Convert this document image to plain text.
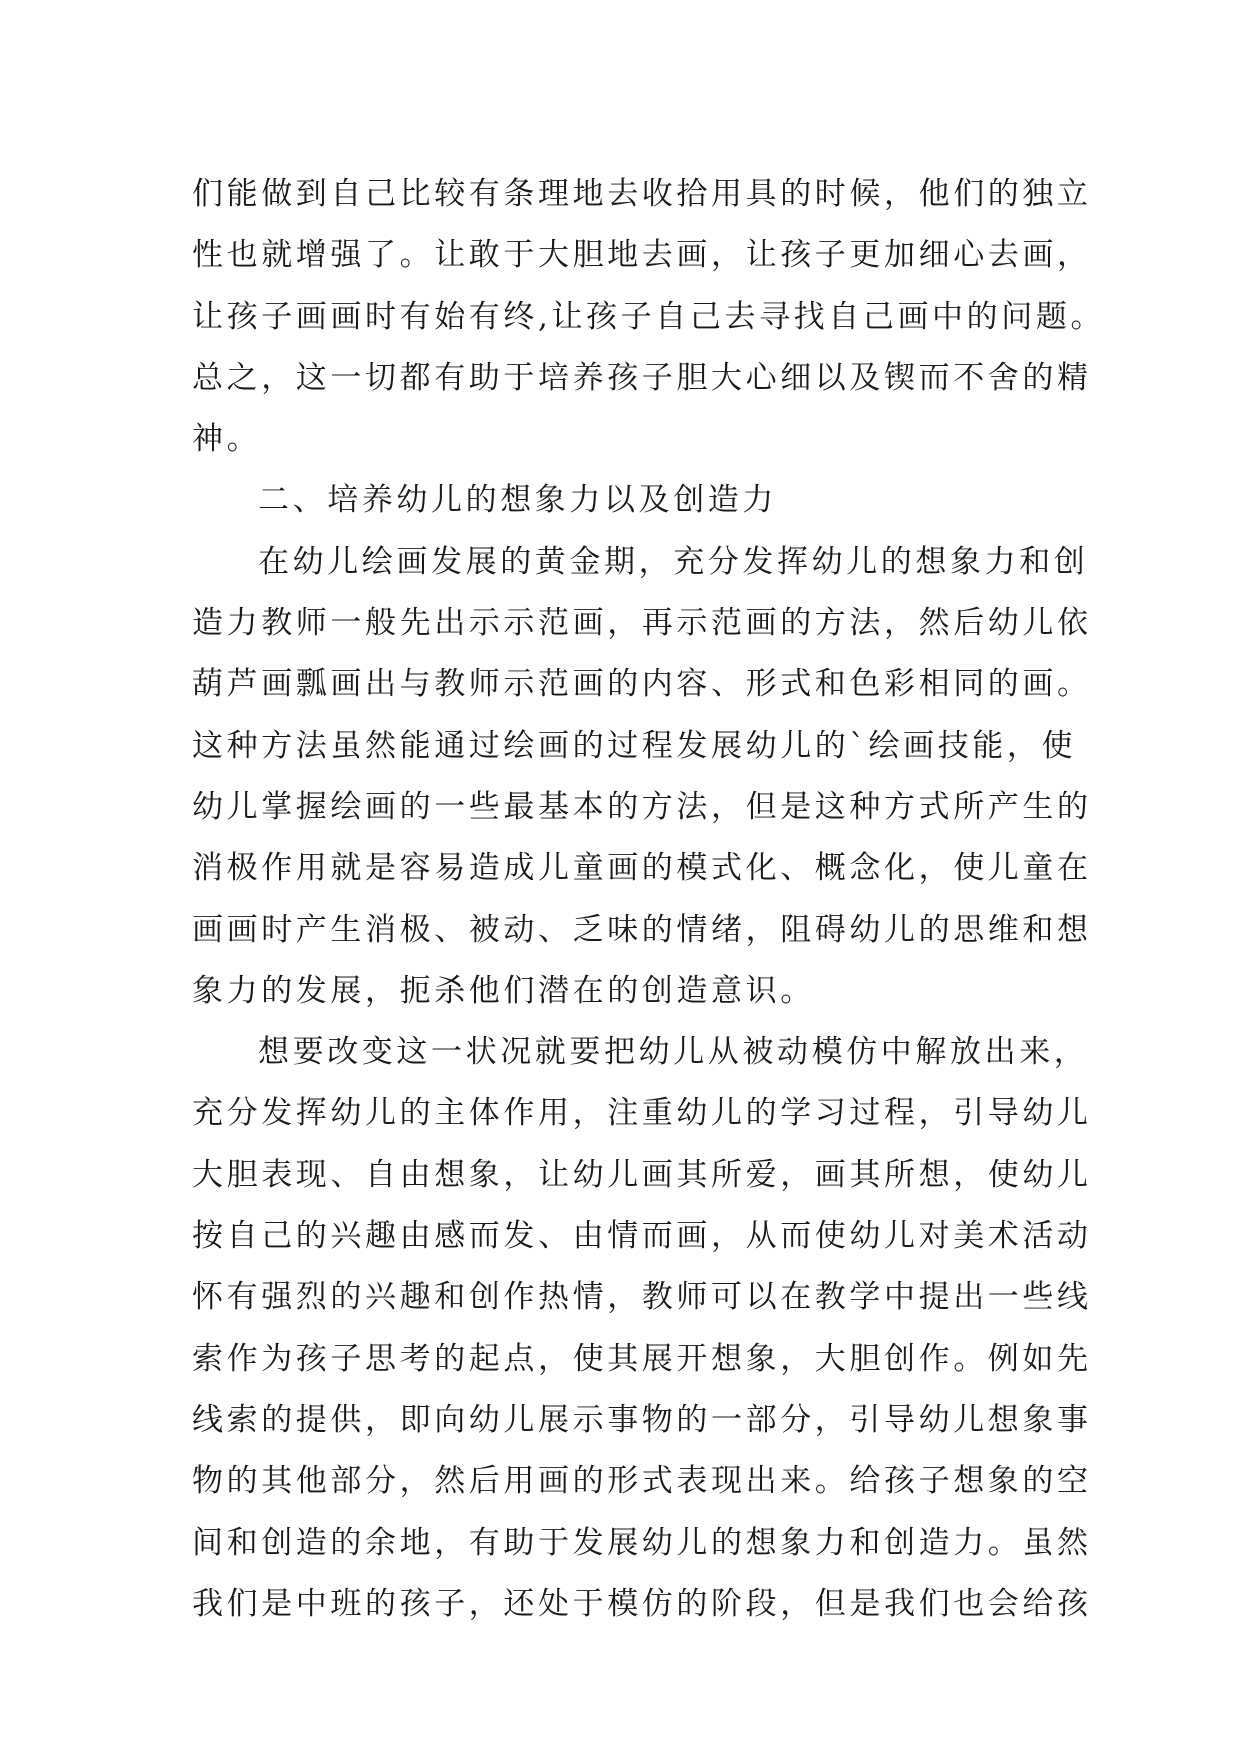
们能做到自己比较有条理地去收拾用具的时候，他们的独立
性也就增强了。让敢于大胆地去画，让孩子更加细心去画，
让孩子画画时有始有终,让孩子自己去寻找自己画中的问题。
总之，这一切都有助于培养孩子胆大心细以及锲而不舍的精
神。
二、培养幼儿的想象力以及创造力
在幼儿绘画发展的黄金期，充分发挥幼儿的想象力和创
造力教师一般先出示示范画，再示范画的方法，然后幼儿依
葫芦画瓢画出与教师示范画的内容、形式和色彩相同的画。
这种方法虽然能通过绘画的过程发展幼儿的`绘画技能，使
幼儿掌握绘画的一些最基本的方法，但是这种方式所产生的
消极作用就是容易造成儿童画的模式化、概念化，使儿童在
画画时产生消极、被动、乏味的情绪，阻碍幼儿的思维和想
象力的发展，扼杀他们潜在的创造意识。
想要改变这一状况就要把幼儿从被动模仿中解放出来，
充分发挥幼儿的主体作用，注重幼儿的学习过程，引导幼儿
大胆表现、自由想象，让幼儿画其所爱，画其所想，使幼儿
按自己的兴趣由感而发、由情而画，从而使幼儿对美术活动
怀有强烈的兴趣和创作热情，教师可以在教学中提出一些线
索作为孩子思考的起点，使其展开想象，大胆创作。例如先
线索的提供，即向幼儿展示事物的一部分，引导幼儿想象事
物的其他部分，然后用画的形式表现出来。给孩子想象的空
间和创造的余地，有助于发展幼儿的想象力和创造力。虽然
我们是中班的孩子，还处于模仿的阶段，但是我们也会给孩
